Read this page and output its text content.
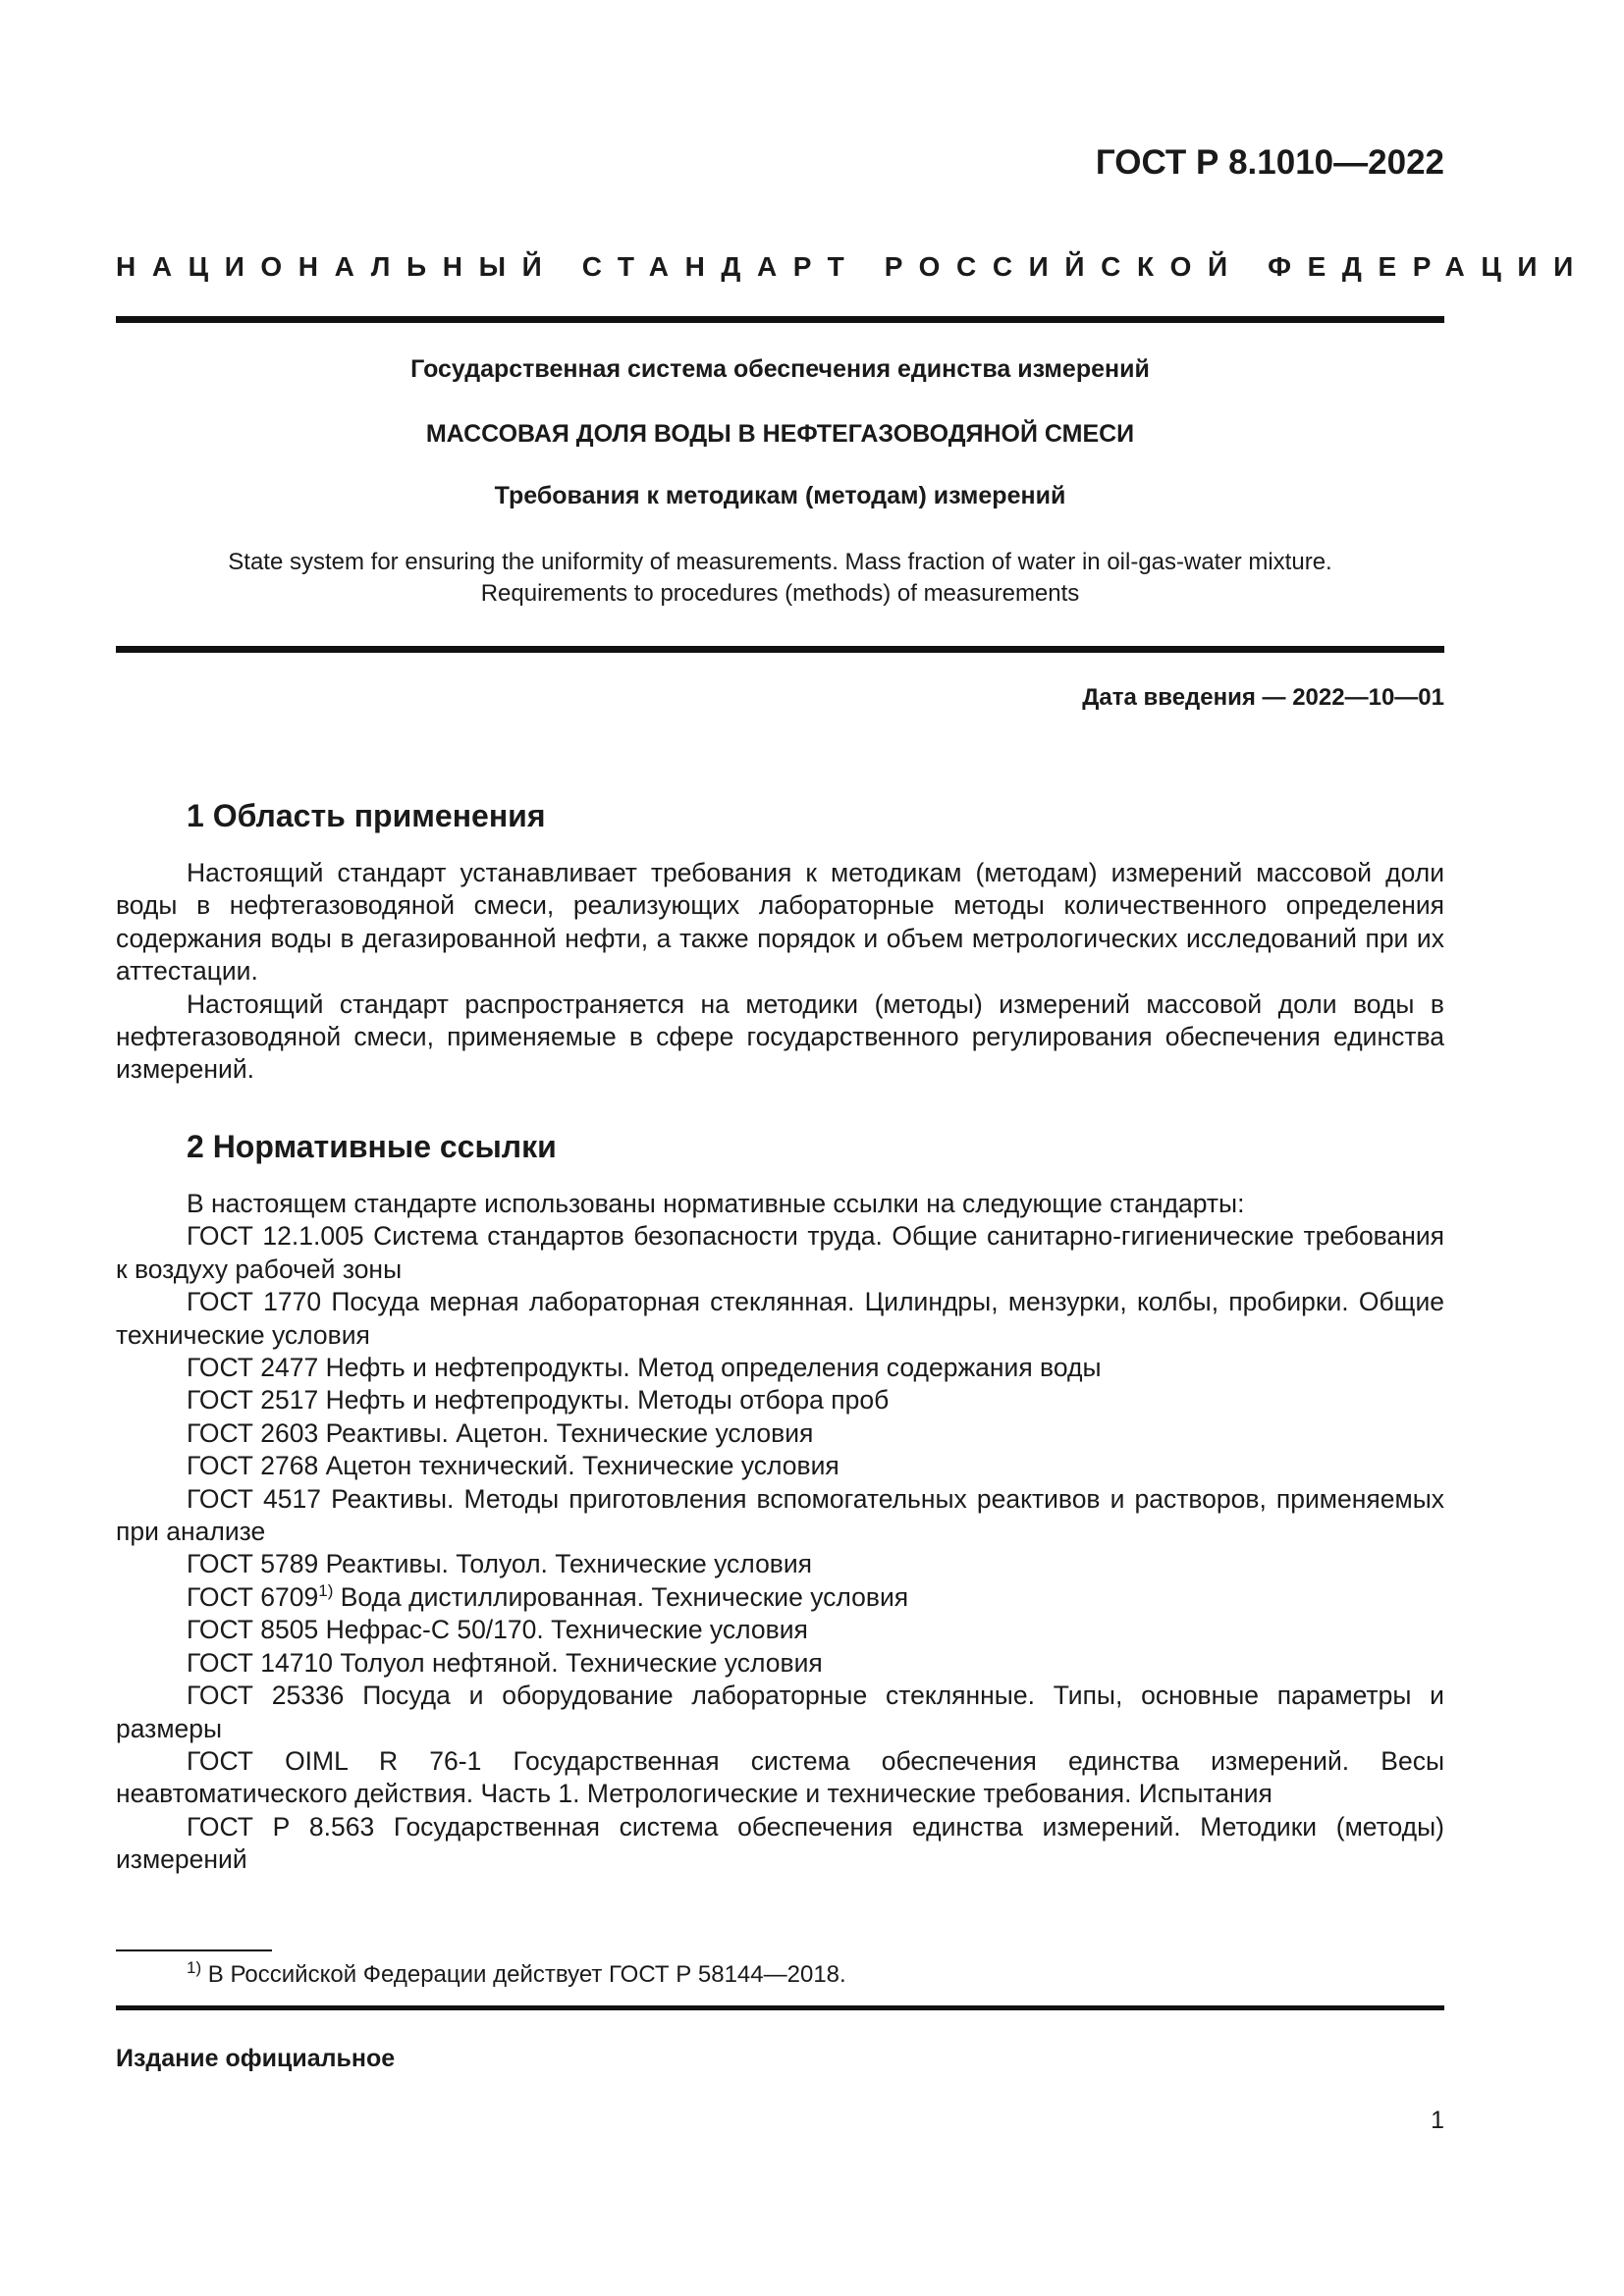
ГОСТ Р 8.1010—2022
НАЦИОНАЛЬНЫЙ СТАНДАРТ РОССИЙСКОЙ ФЕДЕРАЦИИ
Государственная система обеспечения единства измерений
МАССОВАЯ ДОЛЯ ВОДЫ В НЕФТЕГАЗОВОДЯНОЙ СМЕСИ
Требования к методикам (методам) измерений
State system for ensuring the uniformity of measurements. Mass fraction of water in oil-gas-water mixture.
Requirements to procedures (methods) of measurements
Дата введения — 2022—10—01
1 Область применения

Настоящий стандарт устанавливает требования к методикам (методам) измерений массовой доли воды в нефтегазоводяной смеси, реализующих лабораторные методы количественного определения содержания воды в дегазированной нефти, а также порядок и объем метрологических исследований при их аттестации.

Настоящий стандарт распространяется на методики (методы) измерений массовой доли воды в нефтегазоводяной смеси, применяемые в сфере государственного регулирования обеспечения единства измерений.

2 Нормативные ссылки

В настоящем стандарте использованы нормативные ссылки на следующие стандарты:

ГОСТ 12.1.005 Система стандартов безопасности труда. Общие санитарно-гигиенические требования к воздуху рабочей зоны

ГОСТ 1770 Посуда мерная лабораторная стеклянная. Цилиндры, мензурки, колбы, пробирки. Общие технические условия

ГОСТ 2477 Нефть и нефтепродукты. Метод определения содержания воды

ГОСТ 2517 Нефть и нефтепродукты. Методы отбора проб

ГОСТ 2603 Реактивы. Ацетон. Технические условия

ГОСТ 2768 Ацетон технический. Технические условия

ГОСТ 4517 Реактивы. Методы приготовления вспомогательных реактивов и растворов, применяемых при анализе

ГОСТ 5789 Реактивы. Толуол. Технические условия

ГОСТ 6709$^{1)}$ Вода дистиллированная. Технические условия

ГОСТ 8505 Нефрас-С 50/170. Технические условия

ГОСТ 14710 Толуол нефтяной. Технические условия

ГОСТ 25336 Посуда и оборудование лабораторные стеклянные. Типы, основные параметры и размеры

ГОСТ OIML R 76-1 Государственная система обеспечения единства измерений. Весы неавтоматического действия. Часть 1. Метрологические и технические требования. Испытания

ГОСТ Р 8.563 Государственная система обеспечения единства измерений. Методики (методы) измерений

$^{1)}$ В Российской Федерации действует ГОСТ Р 58144—2018.
Издание официальное
1
